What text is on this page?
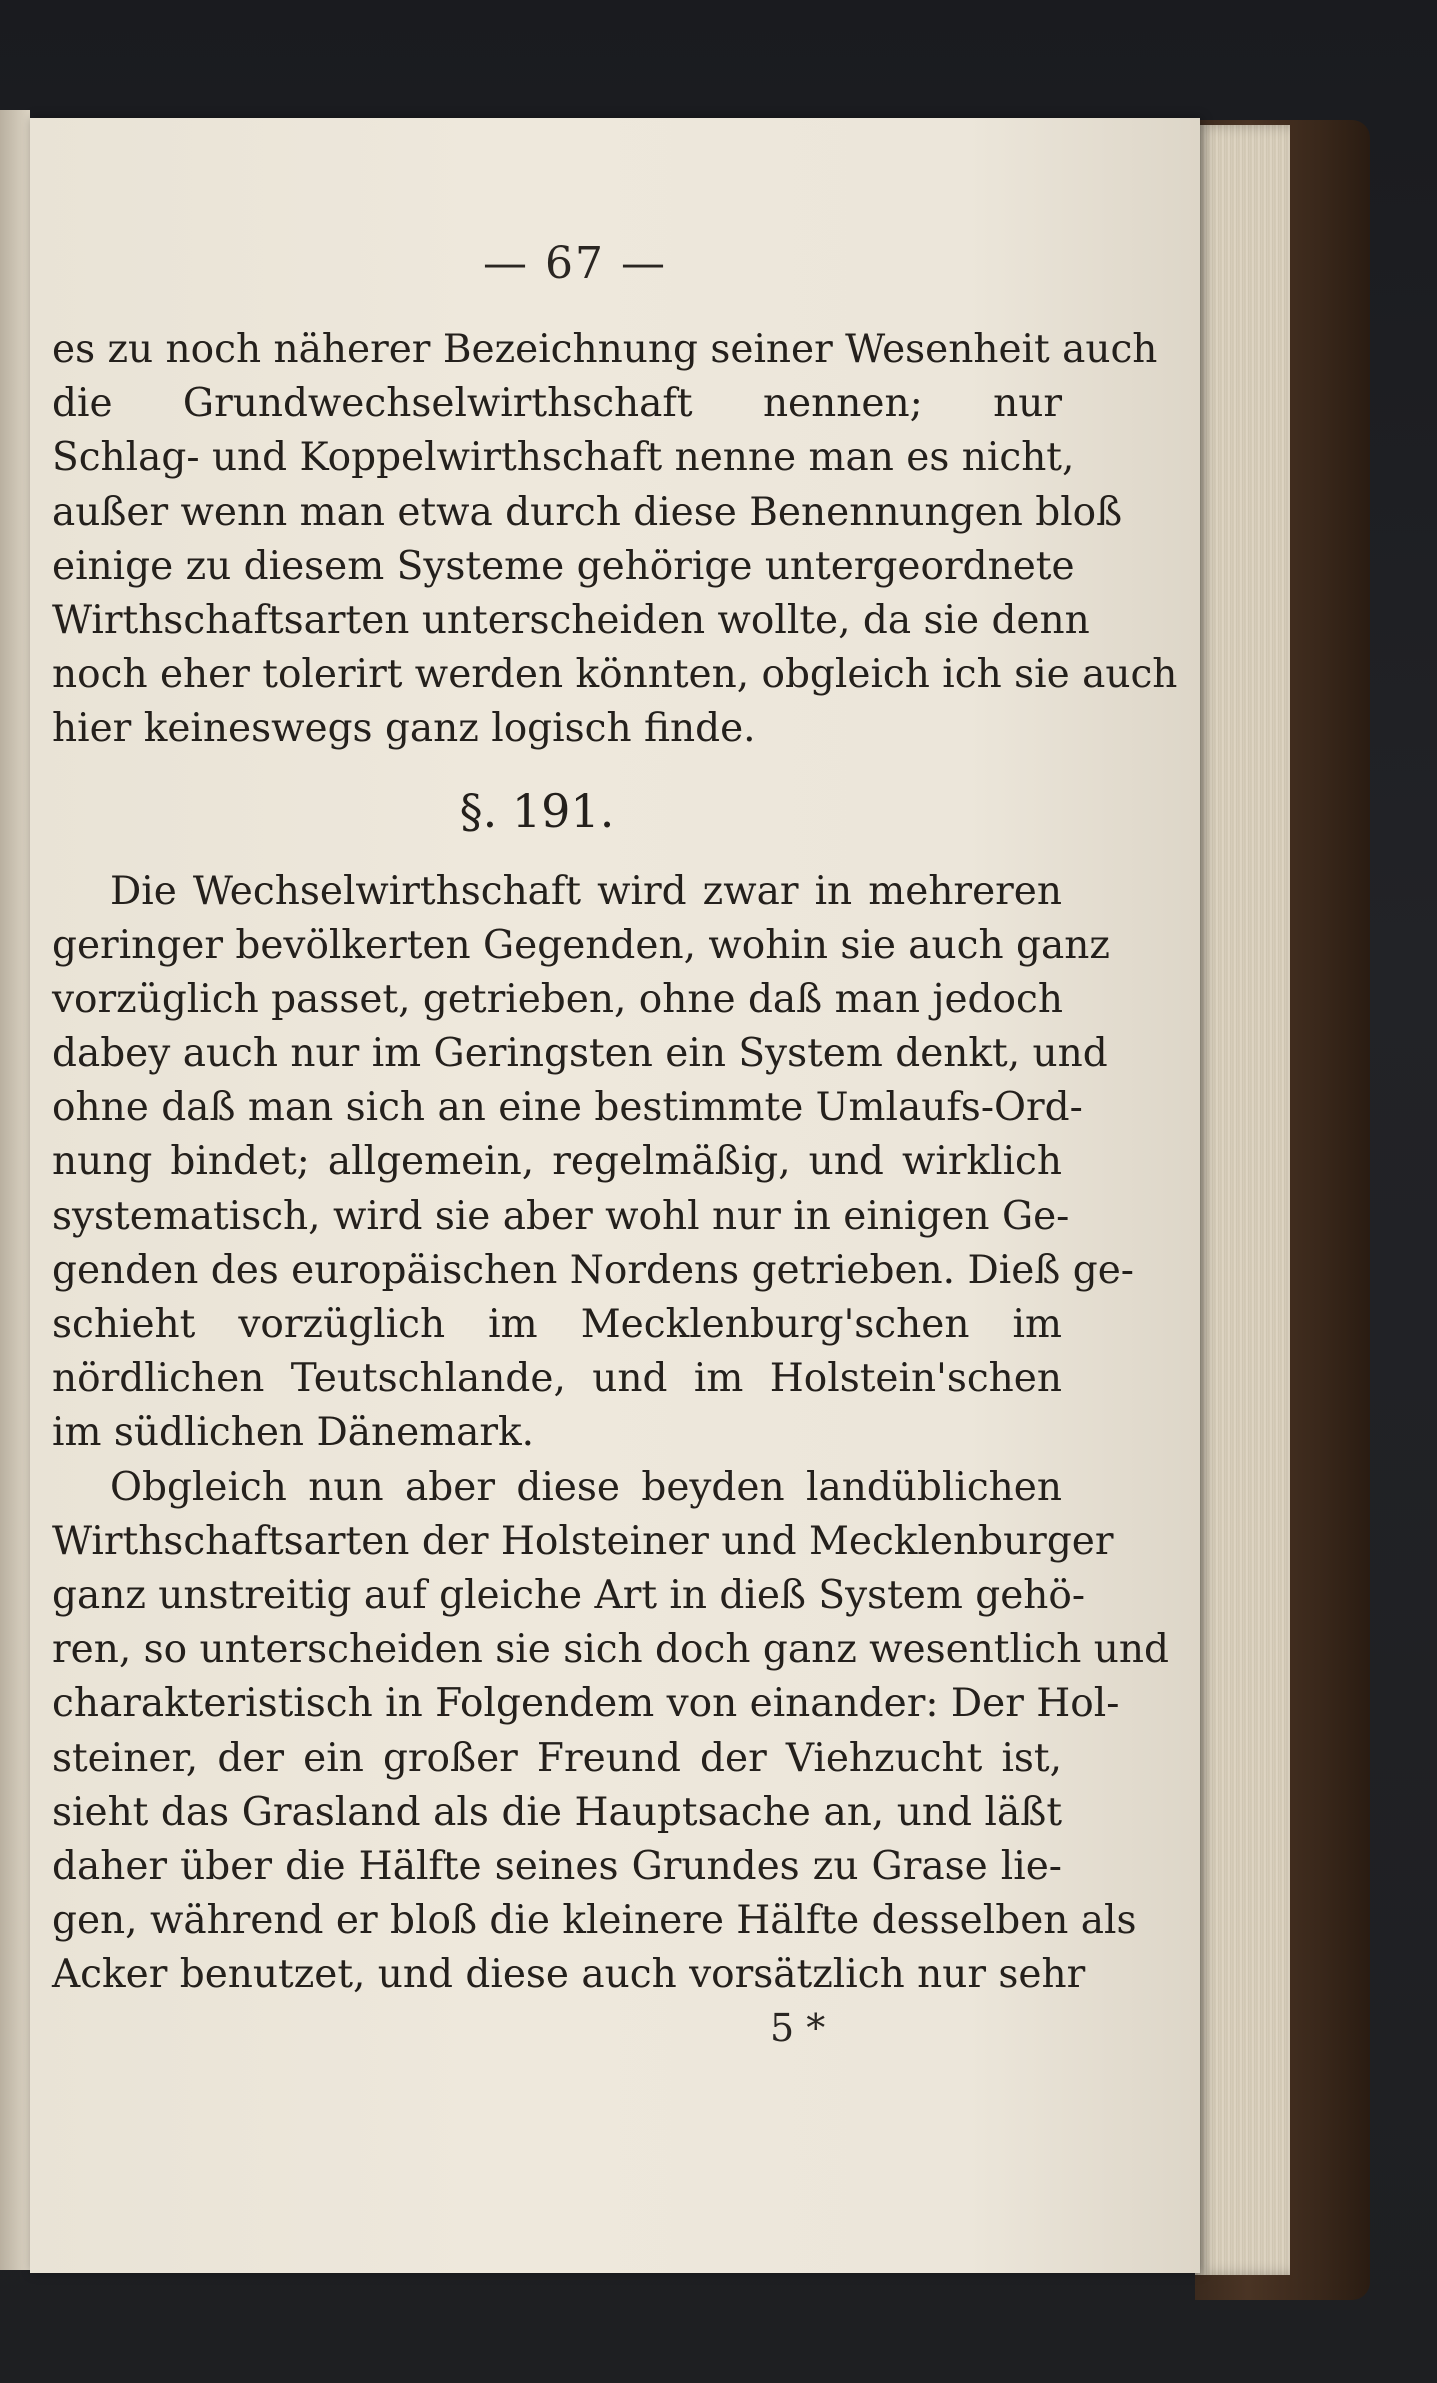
— 67 —
es zu noch näherer Bezeichnung seiner Wesenheit auch
die Grundwechselwirthschaft nennen; nur
Schlag- und Koppelwirthschaft nenne man es nicht,
außer wenn man etwa durch diese Benennungen bloß
einige zu diesem Systeme gehörige untergeordnete
Wirthschaftsarten unterscheiden wollte, da sie denn
noch eher tolerirt werden könnten, obgleich ich sie auch
hier keineswegs ganz logisch finde.
§. 191.
Die Wechselwirthschaft wird zwar in mehreren
geringer bevölkerten Gegenden, wohin sie auch ganz
vorzüglich passet, getrieben, ohne daß man jedoch
dabey auch nur im Geringsten ein System denkt, und
ohne daß man sich an eine bestimmte Umlaufs-Ord-
nung bindet; allgemein, regelmäßig, und wirklich
systematisch, wird sie aber wohl nur in einigen Ge-
genden des europäischen Nordens getrieben. Dieß ge-
schieht vorzüglich im Mecklenburg'schen im
nördlichen Teutschlande, und im Holstein'schen
im südlichen Dänemark.
Obgleich nun aber diese beyden landüblichen
Wirthschaftsarten der Holsteiner und Mecklenburger
ganz unstreitig auf gleiche Art in dieß System gehö-
ren, so unterscheiden sie sich doch ganz wesentlich und
charakteristisch in Folgendem von einander: Der Hol-
steiner, der ein großer Freund der Viehzucht ist,
sieht das Grasland als die Hauptsache an, und läßt
daher über die Hälfte seines Grundes zu Grase lie-
gen, während er bloß die kleinere Hälfte desselben als
Acker benutzet, und diese auch vorsätzlich nur sehr
5 *
